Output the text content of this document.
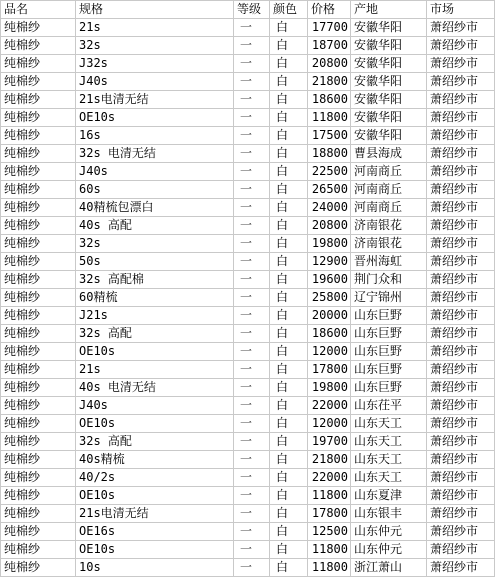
品名	规格	等级	颜色	价格	产地	市场
纯棉纱	21s	一	白	17700	安徽华阳	萧绍纱市
纯棉纱	32s	一	白	18700	安徽华阳	萧绍纱市
纯棉纱	J32s	一	白	20800	安徽华阳	萧绍纱市
纯棉纱	J40s	一	白	21800	安徽华阳	萧绍纱市
纯棉纱	21s电清无结	一	白	18600	安徽华阳	萧绍纱市
纯棉纱	OE10s	一	白	11800	安徽华阳	萧绍纱市
纯棉纱	16s	一	白	17500	安徽华阳	萧绍纱市
纯棉纱	32s 电清无结	一	白	18800	曹县海成	萧绍纱市
纯棉纱	J40s	一	白	22500	河南商丘	萧绍纱市
纯棉纱	60s	一	白	26500	河南商丘	萧绍纱市
纯棉纱	40精梳包漂白	一	白	24000	河南商丘	萧绍纱市
纯棉纱	40s 高配	一	白	20800	济南银花	萧绍纱市
纯棉纱	32s	一	白	19800	济南银花	萧绍纱市
纯棉纱	50s	一	白	12900	晋州海虹	萧绍纱市
纯棉纱	32s 高配棉	一	白	19600	荆门众和	萧绍纱市
纯棉纱	60精梳	一	白	25800	辽宁锦州	萧绍纱市
纯棉纱	J21s	一	白	20000	山东巨野	萧绍纱市
纯棉纱	32s 高配	一	白	18600	山东巨野	萧绍纱市
纯棉纱	OE10s	一	白	12000	山东巨野	萧绍纱市
纯棉纱	21s	一	白	17800	山东巨野	萧绍纱市
纯棉纱	40s 电清无结	一	白	19800	山东巨野	萧绍纱市
纯棉纱	J40s	一	白	22000	山东茌平	萧绍纱市
纯棉纱	OE10s	一	白	12000	山东天工	萧绍纱市
纯棉纱	32s 高配	一	白	19700	山东天工	萧绍纱市
纯棉纱	40s精梳	一	白	21800	山东天工	萧绍纱市
纯棉纱	40/2s	一	白	22000	山东天工	萧绍纱市
纯棉纱	OE10s	一	白	11800	山东夏津	萧绍纱市
纯棉纱	21s电清无结	一	白	17800	山东银丰	萧绍纱市
纯棉纱	OE16s	一	白	12500	山东仲元	萧绍纱市
纯棉纱	OE10s	一	白	11800	山东仲元	萧绍纱市
纯棉纱	10s	一	白	11800	浙江萧山	萧绍纱市
